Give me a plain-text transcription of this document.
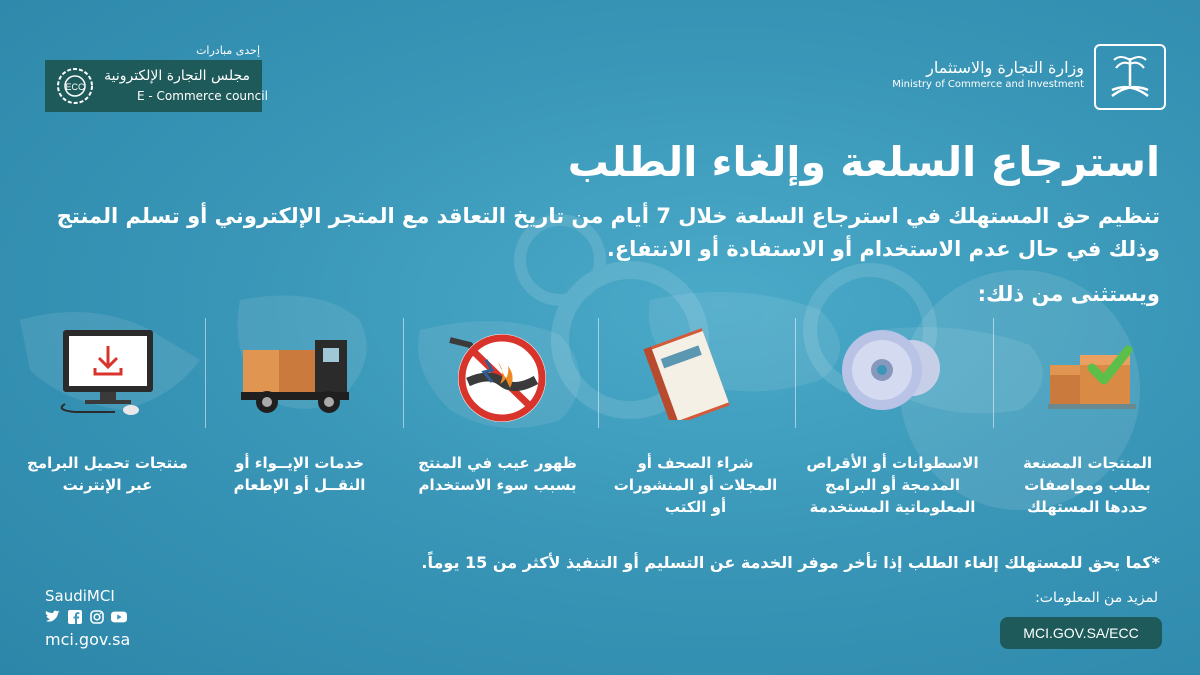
إحدى مبادرات
ECC
مجلس التجارة الإلكترونية
E - Commerce council
وزارة التجارة والاستثمار
Ministry of Commerce and Investment
استرجاع السلعة وإلغاء الطلب

تنظيم حق المستهلك في استرجاع السلعة خلال 7 أيام من تاريخ التعاقد مع المتجر الإلكتروني أو تسلم المنتج وذلك في حال عدم الاستخدام أو الاستفادة أو الانتفاع.

ويستثنى من ذلك:
المنتجات المصنعة بطلب ومواصفات حددها المستهلك
الاسطوانات أو الأقراص المدمجة أو البرامج المعلوماتية المستخدمة
شراء الصحف أو المجلات أو المنشورات أو الكتب
ظهور عيب في المنتج بسبب سوء الاستخدام
خدمات الإيــواء أو النقــل أو الإطعام
منتجات تحميل البرامج عبر الإنترنت
*كما يحق للمستهلك إلغاء الطلب إذا تأخر موفر الخدمة عن التسليم أو التنفيذ لأكثر من 15 يوماً.
لمزيد من المعلومات:
MCI.GOV.SA/ECC
SaudiMCI
mci.gov.sa
